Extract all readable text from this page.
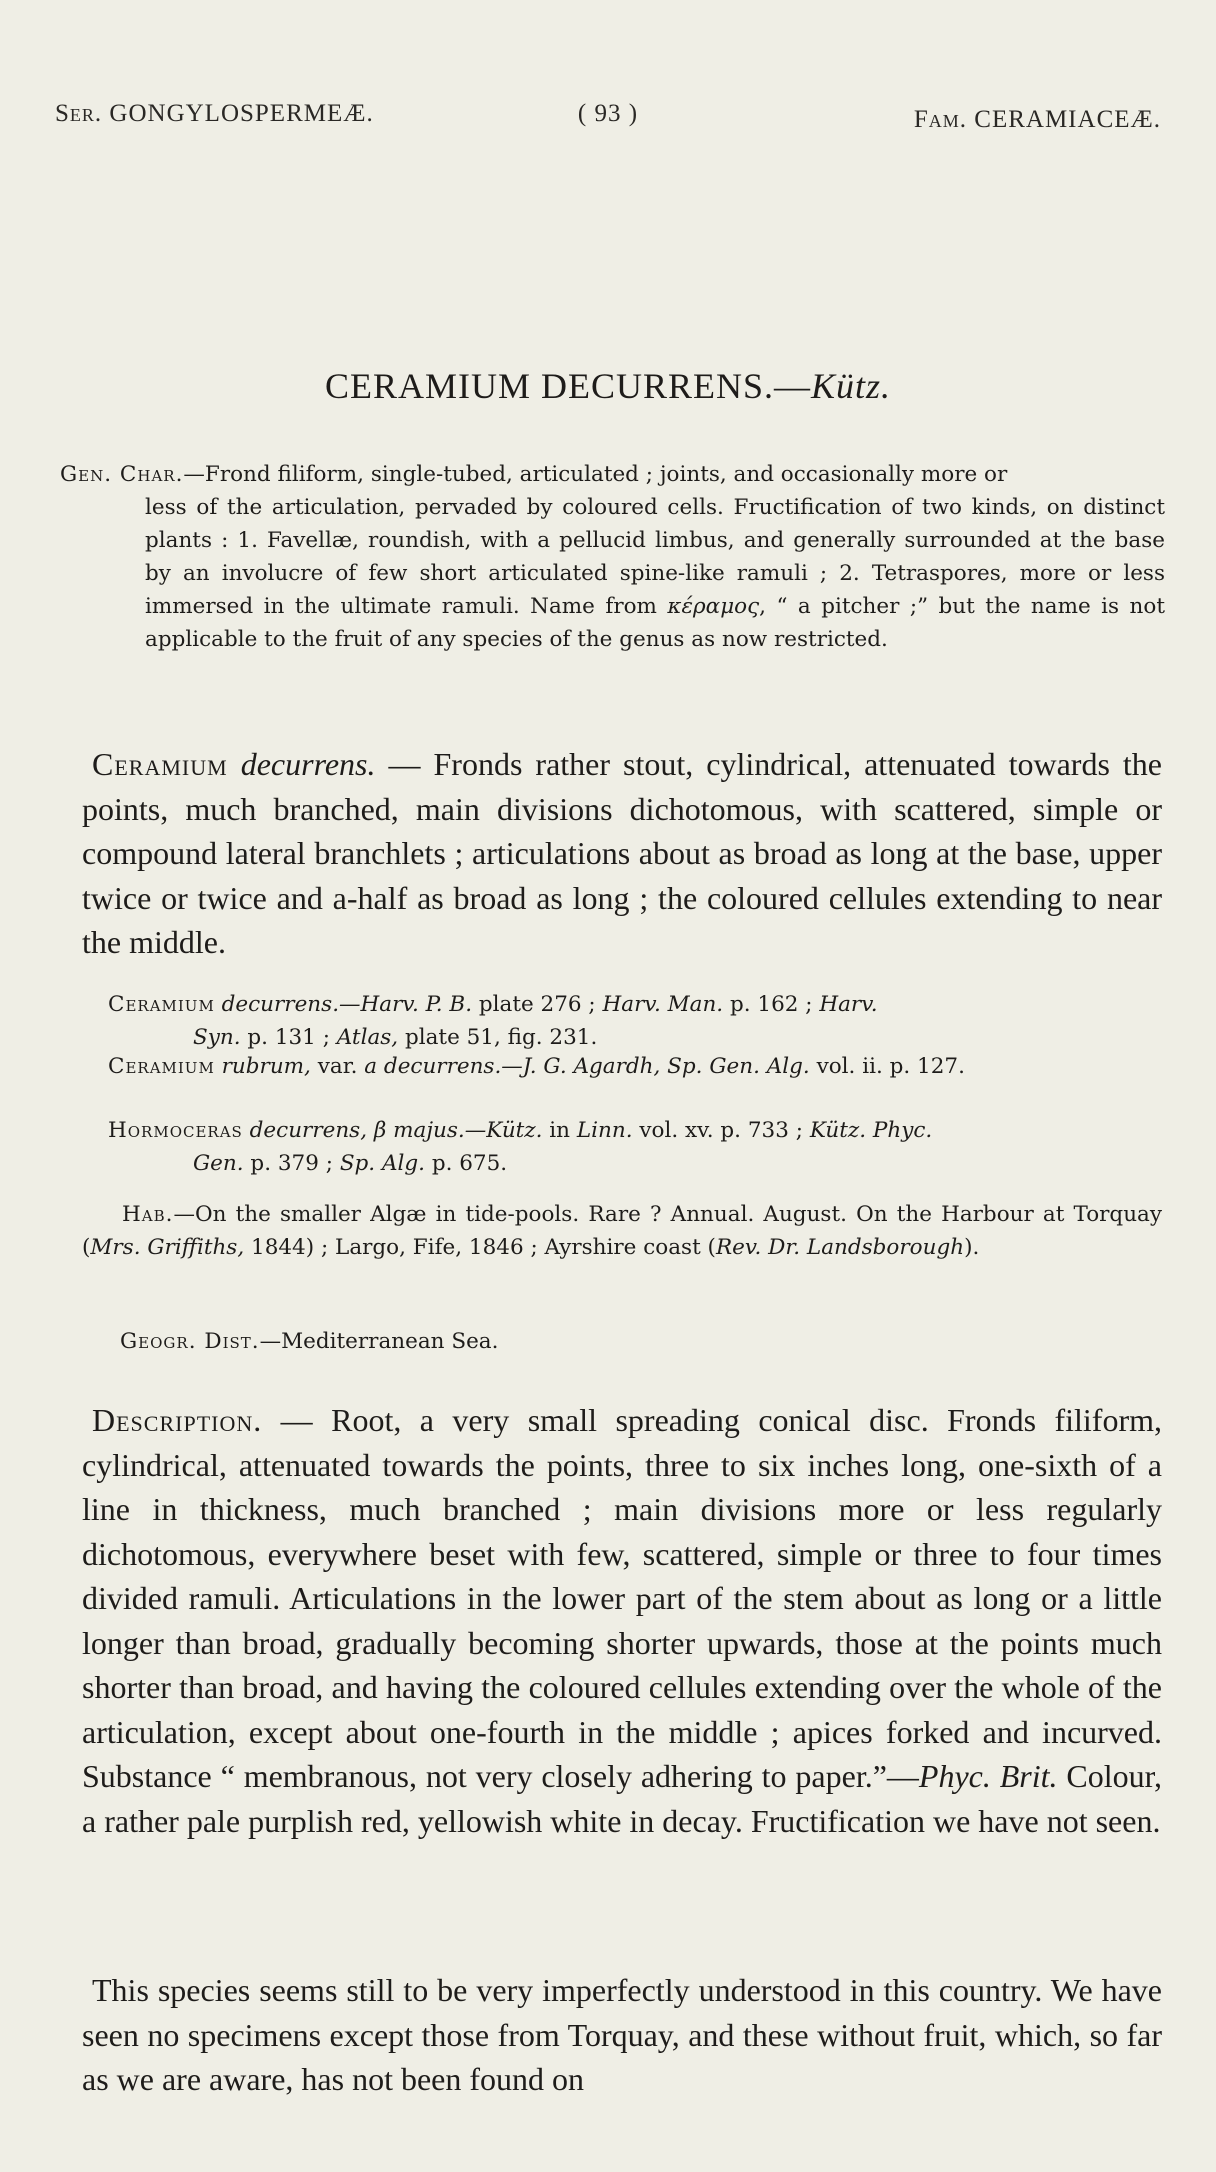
Ser. GONGYLOSPERMEÆ.	( 93 )	Fam. CERAMIACEÆ.
CERAMIUM DECURRENS.—Kütz.

Gen. Char.—Frond filiform, single-tubed, articulated ; joints, and occasionally more or

less of the articulation, pervaded by coloured cells. Fructification of two kinds, on distinct plants : 1. Favellæ, roundish, with a pellucid limbus, and generally surrounded at the base by an involucre of few short articulated spine-like ramuli ; 2. Tetraspores, more or less immersed in the ultimate ramuli. Name from κέραμος, “ a pitcher ;” but the name is not applicable to the fruit of any species of the genus as now restricted.

Ceramium decurrens. — Fronds rather stout, cylindrical, attenuated towards the points, much branched, main divisions dichotomous, with scattered, simple or compound lateral branchlets ; articulations about as broad as long at the base, upper twice or twice and a-half as broad as long ; the coloured cellules extending to near the middle.
Ceramium decurrens.—Harv. P. B. plate 276 ; Harv. Man. p. 162 ; Harv.
Syn. p. 131 ; Atlas, plate 51, fig. 231.
Ceramium rubrum, var. a decurrens.—J. G. Agardh, Sp. Gen. Alg. vol. ii. p. 127.
Hormoceras decurrens, β majus.—Kütz. in Linn. vol. xv. p. 733 ; Kütz. Phyc.
Gen. p. 379 ; Sp. Alg. p. 675.
Hab.—On the smaller Algæ in tide-pools. Rare ? Annual. August. On the Harbour at Torquay (Mrs. Griffiths, 1844) ; Largo, Fife, 1846 ; Ayrshire coast (Rev. Dr. Landsborough).
Geogr. Dist.—Mediterranean Sea.
Description. — Root, a very small spreading conical disc. Fronds filiform, cylindrical, attenuated towards the points, three to six inches long, one-sixth of a line in thickness, much branched ; main divisions more or less regularly dichotomous, everywhere beset with few, scattered, simple or three to four times divided ramuli. Articulations in the lower part of the stem about as long or a little longer than broad, gradually becoming shorter upwards, those at the points much shorter than broad, and having the coloured cellules extending over the whole of the articulation, except about one-fourth in the middle ; apices forked and incurved. Substance “ membranous, not very closely adhering to paper.”—Phyc. Brit. Colour, a rather pale purplish red, yellowish white in decay. Fructification we have not seen.
This species seems still to be very imperfectly understood in this country. We have seen no specimens except those from Torquay, and these without fruit, which, so far as we are aware, has not been found on
